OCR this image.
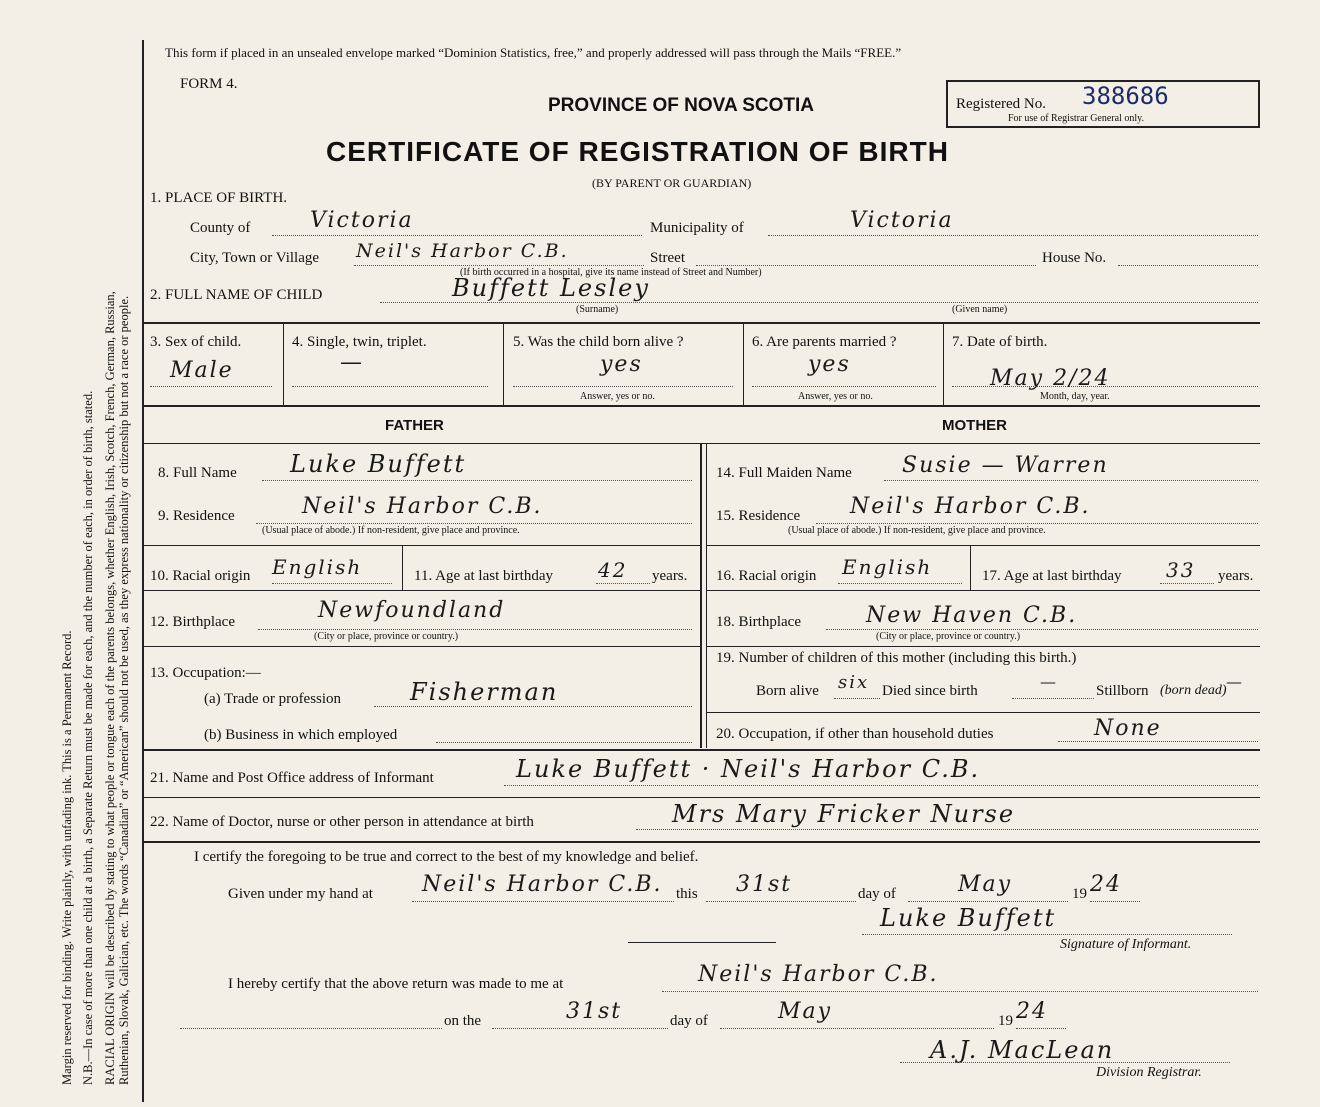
Margin reserved for binding. Write plainly, with unfading ink. This is a Permanent Record. N.B.—In case of more than one child at a birth, a Separate Return must be made for each, and the number of each, in order of birth, stated. RACIAL ORIGIN will be described by stating to what people or tongue each of the parents belongs, whether English, Irish, Scotch, French, German, Russian, Ruthenian, Slovak, Galician, etc. The words “Canadian” or “American” should not be used, as they express nationality or citizenship but not a race or people.
This form if placed in an unsealed envelope marked “Dominion Statistics, free,” and properly addressed will pass through the Mails “FREE.”
FORM 4.
PROVINCE OF NOVA SCOTIA
CERTIFICATE OF REGISTRATION OF BIRTH
(BY PARENT OR GUARDIAN)
Registered No. 388686
For use of Registrar General only.
1. PLACE OF BIRTH.
County of	Victoria	Municipality of	Victoria
City, Town or Village Neil's Harbor C.B.	Street	House No.
(If birth occurred in a hospital, give its name instead of Street and Number)
2. FULL NAME OF CHILD	Buffett Lesley
(Surname)	(Given name)
3. Sex of child.
Male
4. Single, twin, triplet.
—
5. Was the child born alive ?
yes
Answer, yes or no.
6. Are parents married ?
yes
Answer, yes or no.
7. Date of birth.
May 2/24
Month, day, year.
FATHER	MOTHER
8. Full Name Luke Buffett
9. Residence	Neil's Harbor C.B.
(Usual place of abode.) If non-resident, give place and province.
10. Racial origin English	11. Age at last birthday 42 years.
12. Birthplace	Newfoundland
(City or place, province or country.)
13. Occupation:—
(a) Trade or profession	Fisherman
(b) Business in which employed
14. Full Maiden Name Susie — Warren
15. Residence Neil's Harbor C.B.
(Usual place of abode.) If non-resident, give place and province.
16. Racial origin English	17. Age at last birthday 33 years.
18. Birthplace	New Haven C.B.
(City or place, province or country.)
19. Number of children of this mother (including this birth.)
Born alive six Died since birth	—	Stillborn (born dead) —
20. Occupation, if other than household duties	None
21. Name and Post Office address of Informant	Luke Buffett · Neil's Harbor C.B.
22. Name of Doctor, nurse or other person in attendance at birth	Mrs Mary Fricker Nurse
I certify the foregoing to be true and correct to the best of my knowledge and belief.
Given under my hand at Neil's Harbor C.B. this 31st	day of	May	19 24
Luke Buffett
Signature of Informant.
I hereby certify that the above return was made to me at	Neil's Harbor C.B.
on the	31st	day of	May	19 24
A.J. MacLean
Division Registrar.
